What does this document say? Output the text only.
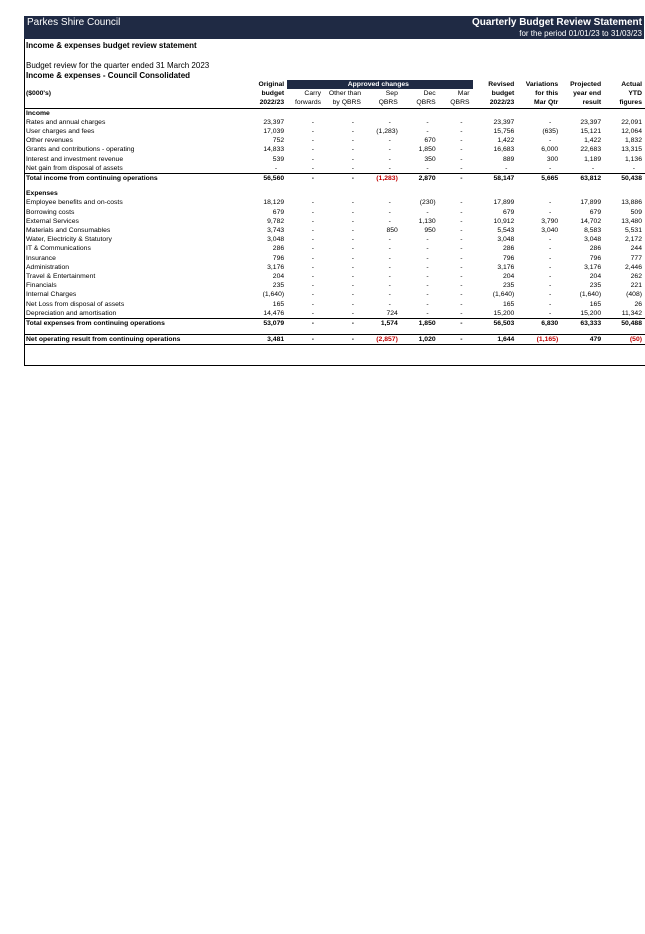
Parkes Shire Council	Quarterly Budget Review Statement
for the period 01/01/23 to 31/03/23
Income & expenses budget review statement
Budget review for the quarter ended 31 March 2023
Income & expenses - Council Consolidated
	Original	Approved changes					Revised	Variations	Projected	Actual
($000's)	budget	Carry	Other than	Sep	Dec	Mar	budget	for this	year end	YTD
	2022/23	forwards	by QBRS	QBRS	QBRS	QBRS	2022/23	Mar Qtr	result	figures
Income										
Rates and annual charges	23,397	-	-	-	-	-	23,397	-	23,397	22,091
User charges and fees	17,039	-	-	(1,283)	-	-	15,756	(635)	15,121	12,064
Other revenues	752	-	-	-	670	-	1,422	-	1,422	1,832
Grants and contributions - operating	14,833	-	-	-	1,850	-	16,683	6,000	22,683	13,315
Interest and investment revenue	539	-	-	-	350	-	889	300	1,189	1,136
Net gain from disposal of assets	-	-	-	-	-	-	-	-	-	-
Total income from continuing operations	56,560	-	-	(1,283)	2,870	-	58,147	5,665	63,812	50,438

Expenses										
Employee benefits and on-costs	18,129	-	-	-	(230)	-	17,899	-	17,899	13,886
Borrowing costs	679	-	-	-	-	-	679	-	679	509
External Services	9,782	-	-	-	1,130	-	10,912	3,790	14,702	13,480
Materials and Consumables	3,743	-	-	850	950	-	5,543	3,040	8,583	5,531
Water, Electricity & Statutory	3,048	-	-	-	-	-	3,048	-	3,048	2,172
IT & Communications	286	-	-	-	-	-	286	-	286	244
Insurance	796	-	-	-	-	-	796	-	796	777
Administration	3,176	-	-	-	-	-	3,176	-	3,176	2,446
Travel & Entertainment	204	-	-	-	-	-	204	-	204	262
Financials	235	-	-	-	-	-	235	-	235	221
Internal Charges	(1,640)	-	-	-	-	-	(1,640)	-	(1,640)	(408)
Net Loss from disposal of assets	165	-	-	-	-	-	165	-	165	26
Depreciation and amortisation	14,476	-	-	724	-	-	15,200	-	15,200	11,342
Total expenses from continuing operations	53,079	-	-	1,574	1,850	-	56,503	6,830	63,333	50,488

Net operating result from continuing operations	3,481	-	-	(2,857)	1,020	-	1,644	(1,165)	479	(50)
